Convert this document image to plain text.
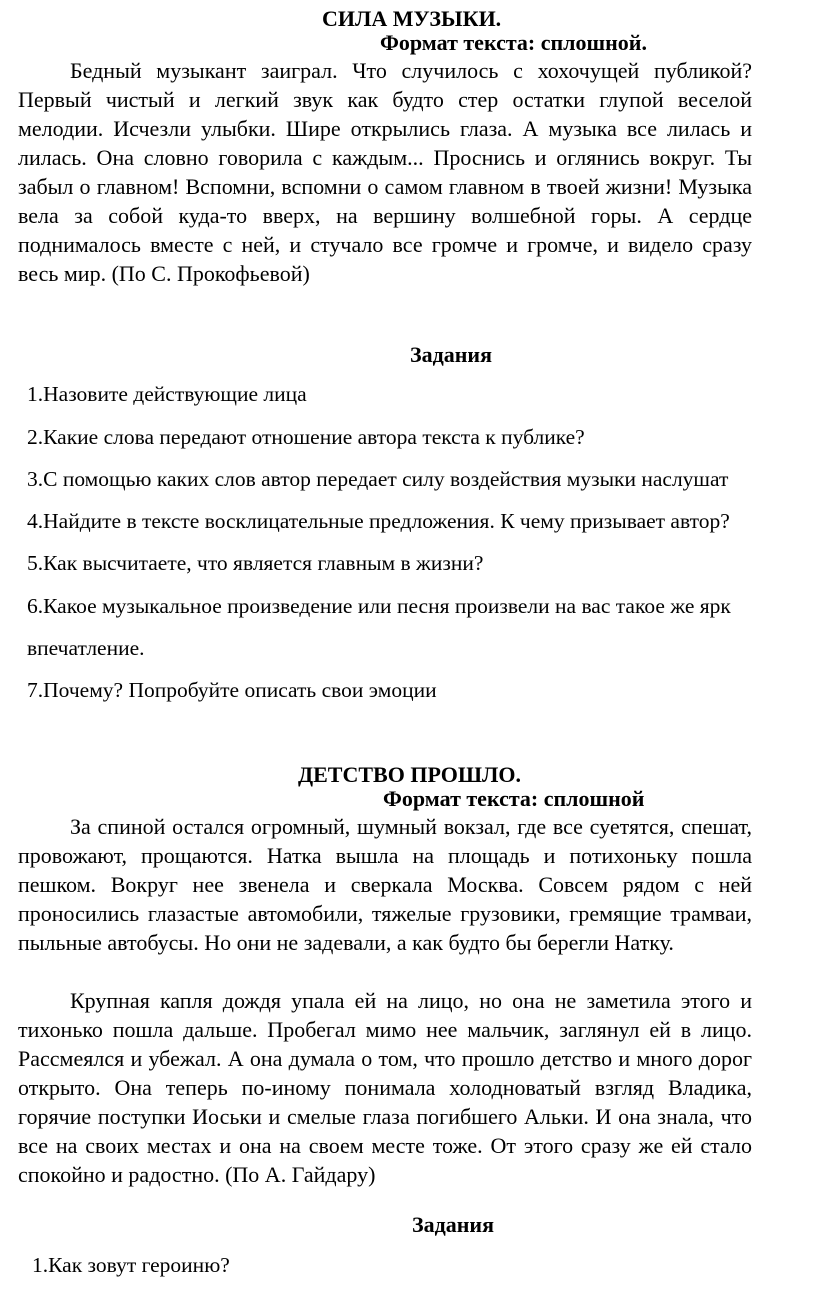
СИЛА МУЗЫКИ.
Формат текста: сплошной.
Бедный музыкант заиграл. Что случилось с хохочущей публикой? Первый чистый и легкий звук как будто стер остатки глупой веселой мелодии. Исчезли улыбки. Шире открылись глаза. А музыка все лилась и лилась. Она словно говорила с каждым... Проснись и оглянись вокруг. Ты забыл о главном! Вспомни, вспомни о самом главном в твоей жизни! Музыка вела за собой куда-то вверх, на вершину волшебной горы. А сердце поднималось вместе с ней, и стучало все громче и громче, и видело сразу весь мир. (По С. Прокофьевой)
Задания
1.Назовите действующие лица
2.Какие слова передают отношение автора текста к публике?
3.С помощью каких слов автор передает силу воздействия музыки наслушат
4.Найдите в тексте восклицательные предложения. К чему призывает автор?
5.Как высчитаете, что является главным в жизни?
6.Какое музыкальное произведение или песня произвели на вас такое же ярк
впечатление.
7.Почему? Попробуйте описать свои эмоции
ДЕТСТВО ПРОШЛО.
Формат текста: сплошной
За спиной остался огромный, шумный вокзал, где все суетятся, спешат, провожают, прощаются. Натка вышла на площадь и потихоньку пошла пешком. Вокруг нее звенела и сверкала Москва. Совсем рядом с ней проносились глазастые автомобили, тяжелые грузовики, гремящие трамваи, пыльные автобусы. Но они не задевали, а как будто бы берегли Натку.
Крупная капля дождя упала ей на лицо, но она не заметила этого и тихонько пошла дальше. Пробегал мимо нее мальчик, заглянул ей в лицо. Рассмеялся и убежал. А она думала о том, что прошло детство и много дорог открыто. Она теперь по-иному понимала холодноватый взгляд Владика, горячие поступки Иоськи и смелые глаза погибшего Альки. И она знала, что все на своих местах и она на своем месте тоже. От этого сразу же ей стало спокойно и радостно. (По А. Гайдару)
Задания
1.Как зовут героиню?
